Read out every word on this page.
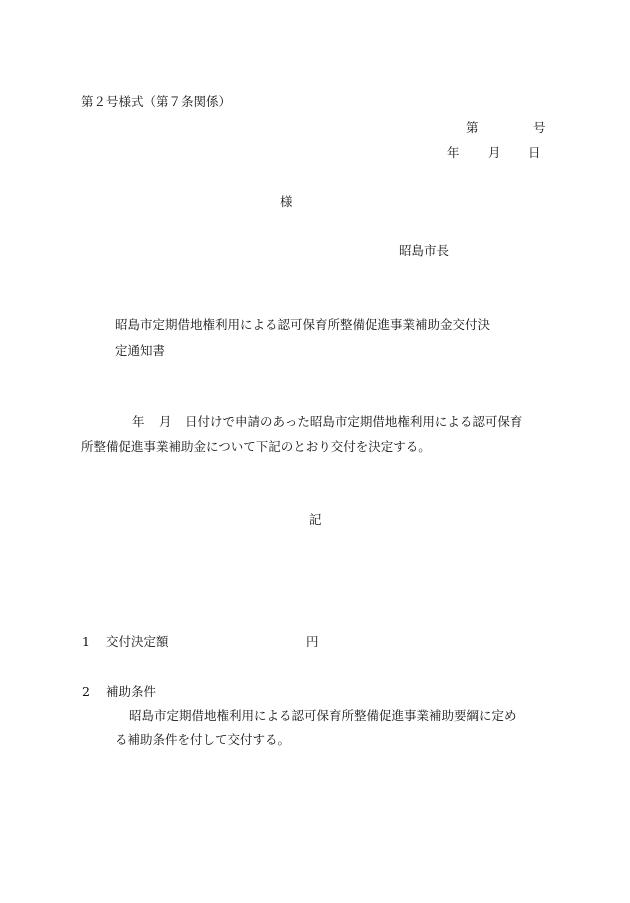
第２号様式（第７条関係）
第	号
年 月 日
様
昭島市長
昭島市定期借地権利用による認可保育所整備促進事業補助金交付決
定通知書
年 月 日付けで申請のあった昭島市定期借地権利用による認可保育
所整備促進事業補助金について下記のとおり交付を決定する。
記
1 交付決定額	円
2 補助条件
昭島市定期借地権利用による認可保育所整備促進事業補助要綱に定め
る補助条件を付して交付する。
